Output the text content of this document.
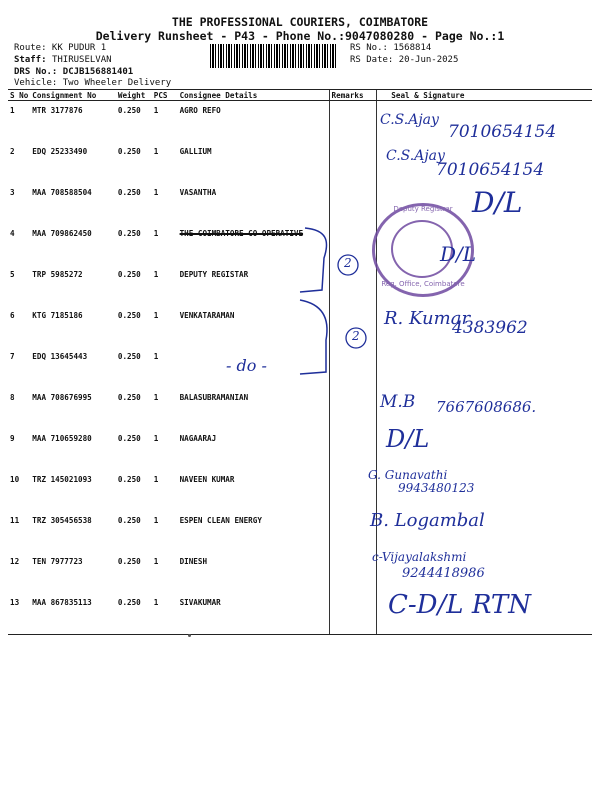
THE PROFESSIONAL COURIERS, COIMBATORE
Delivery Runsheet - P43 - Phone No.:9047080280 - Page No.:1
Route: KK PUDUR 1
Staff: THIRUSELVAN
DRS No.: DCJB156881401
Vehicle: Two Wheeler Delivery
RS No.: 1568814
RS Date: 20-Jun-2025
S No	Consignment No	Weight	PCS	Consignee Details	Remarks	Seal & Signature
1	MTR 3177876	0.250	1	AGRO REFO		
2	EDQ 25233490	0.250	1	GALLIUM		
3	MAA 708588504	0.250	1	VASANTHA		
4	MAA 709862450	0.250	1	THE COIMBATORE CO OPERATIVE		
5	TRP 5985272	0.250	1	DEPUTY REGISTAR		
6	KTG 7185186	0.250	1	VENKATARAMAN		
7	EDQ 13645443	0.250	1			
8	MAA 708676995	0.250	1	BALASUBRAMANIAN		
9	MAA 710659280	0.250	1	NAGAARAJ		
10	TRZ 145021093	0.250	1	NAVEEN KUMAR		
11	TRZ 305456538	0.250	1	ESPEN CLEAN ENERGY		
12	TEN 7977723	0.250	1	DINESH		
13	MAA 867835113	0.250	1	SIVAKUMAR		
Deputy Registrar
Reg. Office, Coimbatore
2
2
C.S.Ajay
7010654154
C.S.Ajay
7010654154
D/L
D/L
R. Kumar
4383962
- do -
M.B 7667608686.
D/L
G. Gunavathi
9943480123
B. Logambal
c-Vijayalakshmi
9244418986
C-D/L RTN
